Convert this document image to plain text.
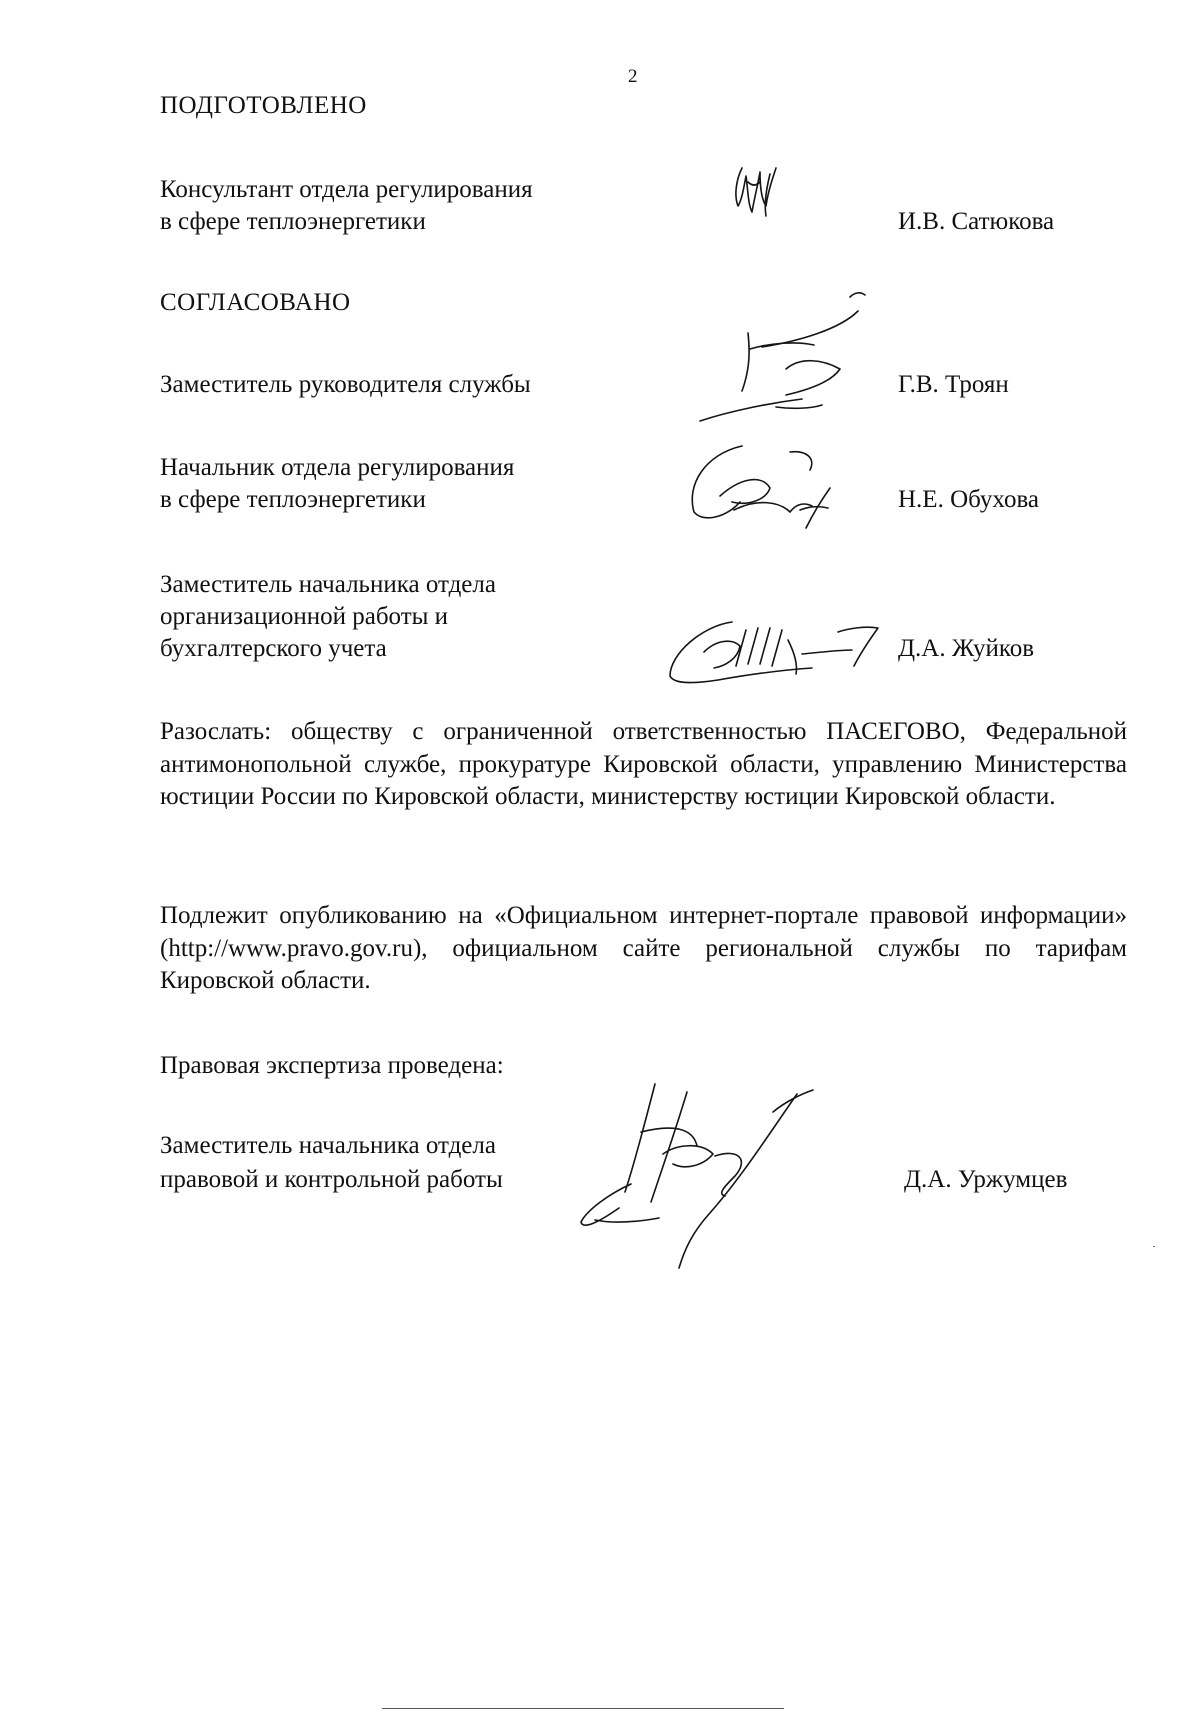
2
ПОДГОТОВЛЕНО
Консультант отдела регулирования
в сфере теплоэнергетики	И.В. Сатюкова
СОГЛАСОВАНО
Заместитель руководителя службы	Г.В. Троян
Начальник отдела регулирования
в сфере теплоэнергетики	Н.Е. Обухова
Заместитель начальника отдела
организационной работы и
бухгалтерского учета	Д.А. Жуйков
Разослать: обществу с ограниченной ответственностью ПАСЕГОВО, Федеральной антимонопольной службе, прокуратуре Кировской области, управлению Министерства юстиции России по Кировской области, министерству юстиции Кировской области.
Подлежит опубликованию на «Официальном интернет-портале правовой информации» (http://www.pravo.gov.ru), официальном сайте региональной службы по тарифам Кировской области.
Правовая экспертиза проведена:
Заместитель начальника отдела
правовой и контрольной работы	Д.А. Уржумцев
